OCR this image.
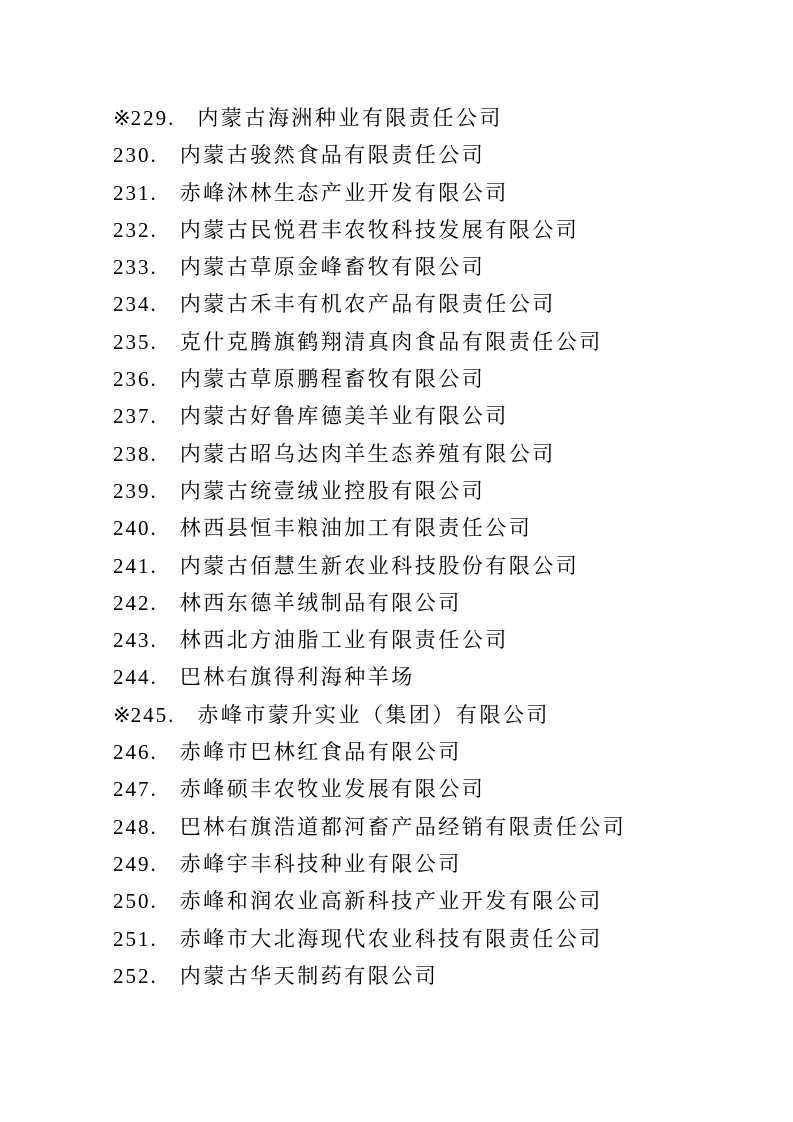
※229. 内蒙古海洲种业有限责任公司
230. 内蒙古骏然食品有限责任公司
231. 赤峰沐林生态产业开发有限公司
232. 内蒙古民悦君丰农牧科技发展有限公司
233. 内蒙古草原金峰畜牧有限公司
234. 内蒙古禾丰有机农产品有限责任公司
235. 克什克腾旗鹤翔清真肉食品有限责任公司
236. 内蒙古草原鹏程畜牧有限公司
237. 内蒙古好鲁库德美羊业有限公司
238. 内蒙古昭乌达肉羊生态养殖有限公司
239. 内蒙古统壹绒业控股有限公司
240. 林西县恒丰粮油加工有限责任公司
241. 内蒙古佰慧生新农业科技股份有限公司
242. 林西东德羊绒制品有限公司
243. 林西北方油脂工业有限责任公司
244. 巴林右旗得利海种羊场
※245. 赤峰市蒙升实业（集团）有限公司
246. 赤峰市巴林红食品有限公司
247. 赤峰硕丰农牧业发展有限公司
248. 巴林右旗浩道都河畜产品经销有限责任公司
249. 赤峰宇丰科技种业有限公司
250. 赤峰和润农业高新科技产业开发有限公司
251. 赤峰市大北海现代农业科技有限责任公司
252. 内蒙古华天制药有限公司
